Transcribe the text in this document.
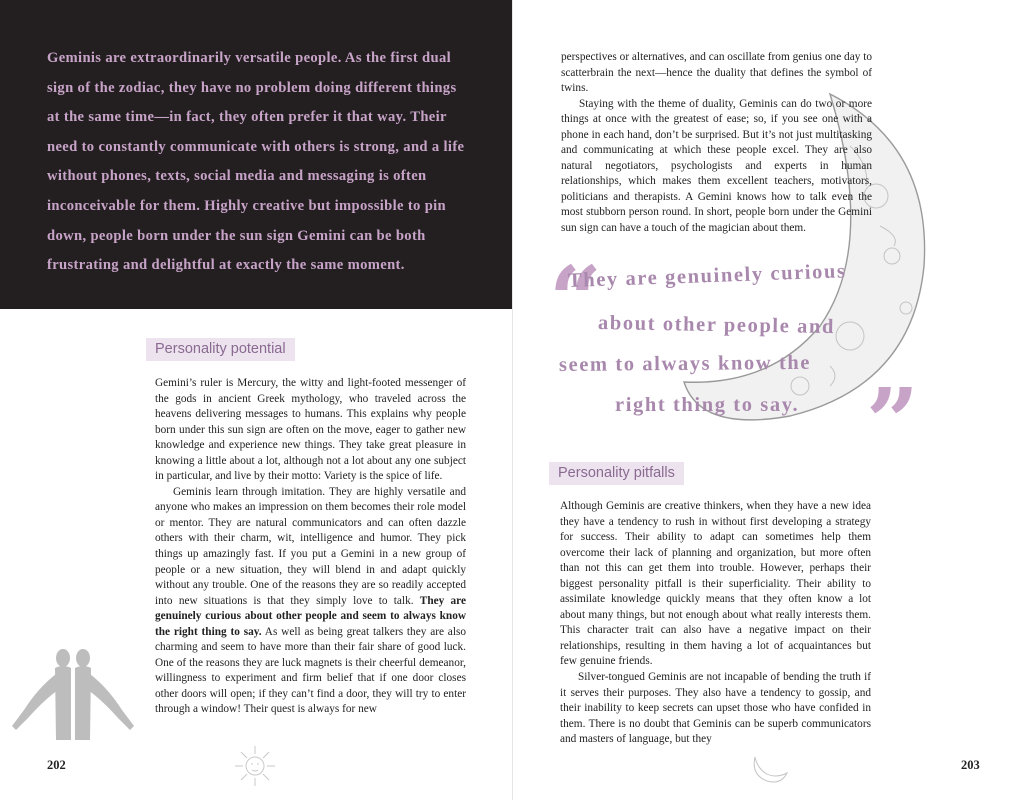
Geminis are extraordinarily versatile people. As the first dual sign of the zodiac, they have no problem doing different things at the same time—in fact, they often prefer it that way. Their need to constantly communicate with others is strong, and a life without phones, texts, social media and messaging is often inconceivable for them. Highly creative but impossible to pin down, people born under the sun sign Gemini can be both frustrating and delightful at exactly the same moment.

Personality potential

Gemini’s ruler is Mercury, the witty and light-footed messenger of the gods in ancient Greek mythology, who traveled across the heavens delivering messages to humans. This explains why people born under this sun sign are often on the move, eager to gather new knowledge and experience new things. They take great pleasure in knowing a little about a lot, although not a lot about any one subject in particular, and live by their motto: Variety is the spice of life.

Geminis learn through imitation. They are highly versatile and anyone who makes an impression on them becomes their role model or mentor. They are natural communicators and can often dazzle others with their charm, wit, intelligence and humor. They pick things up amazingly fast. If you put a Gemini in a new group of people or a new situation, they will blend in and adapt quickly without any trouble. One of the reasons they are so readily accepted into new situations is that they simply love to talk. They are genuinely curious about other people and seem to always know the right thing to say. As well as being great talkers they are also charming and seem to have more than their fair share of good luck. One of the reasons they are luck magnets is their cheerful demeanor, willingness to experiment and firm belief that if one door closes other doors will open; if they can’t find a door, they will try to enter through a window! Their quest is always for new

202

perspectives or alternatives, and can oscillate from genius one day to scatterbrain the next—hence the duality that defines the symbol of twins.

Staying with the theme of duality, Geminis can do two or more things at once with the greatest of ease; so, if you see one with a phone in each hand, don’t be surprised. But it’s not just multitasking and communicating at which these people excel. They are also natural negotiators, psychologists and experts in human relationships, which makes them excellent teachers, motivators, politicians and therapists. A Gemini knows how to talk even the most stubborn person round. In short, people born under the Gemini sun sign can have a touch of the magician about them.

“
They are genuinely curious
about other people and
seem to always know the
right thing to say. ”
Personality pitfalls

Although Geminis are creative thinkers, when they have a new idea they have a tendency to rush in without first developing a strategy for success. Their ability to adapt can sometimes help them overcome their lack of planning and organization, but more often than not this can get them into trouble. However, perhaps their biggest personality pitfall is their superficiality. Their ability to assimilate knowledge quickly means that they often know a lot about many things, but not enough about what really interests them. This character trait can also have a negative impact on their relationships, resulting in them having a lot of acquaintances but few genuine friends.

Silver-tongued Geminis are not incapable of bending the truth if it serves their purposes. They also have a tendency to gossip, and their inability to keep secrets can upset those who have confided in them. There is no doubt that Geminis can be superb communicators and masters of language, but they

203
